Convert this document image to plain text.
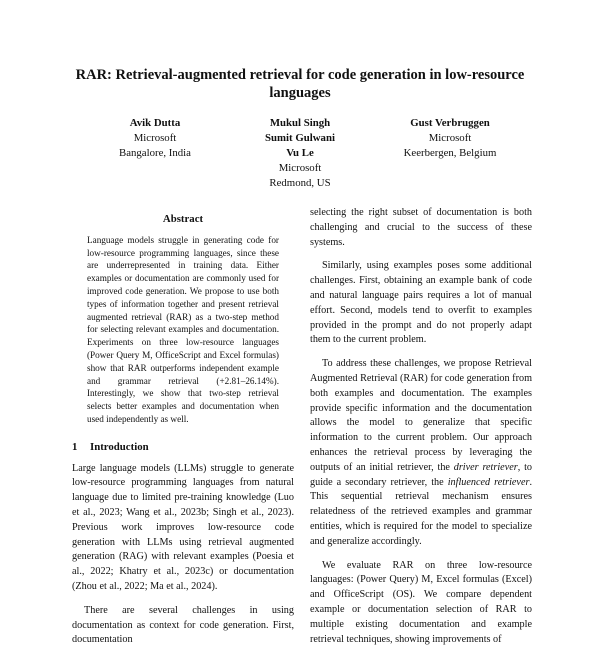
RAR: Retrieval-augmented retrieval for code generation in low-resource languages
Avik Dutta
Microsoft
Bangalore, India
Mukul Singh
Sumit Gulwani
Vu Le
Microsoft
Redmond, US
Gust Verbruggen
Microsoft
Keerbergen, Belgium
Abstract

Language models struggle in generating code for low-resource programming languages, since these are underrepresented in training data. Either examples or documentation are commonly used for improved code generation. We propose to use both types of information together and present retrieval augmented retrieval (RAR) as a two-step method for selecting relevant examples and documentation. Experiments on three low-resource languages (Power Query M, OfficeScript and Excel formulas) show that RAR outperforms independent example and grammar retrieval (+2.81–26.14%). Interestingly, we show that two-step retrieval selects better examples and documentation when used independently as well.

1 Introduction

Large language models (LLMs) struggle to generate low-resource programming languages from natural language due to limited pre-training knowledge (Luo et al., 2023; Wang et al., 2023b; Singh et al., 2023). Previous work improves low-resource code generation with LLMs using retrieval augmented generation (RAG) with relevant examples (Poesia et al., 2022; Khatry et al., 2023c) or documentation (Zhou et al., 2022; Ma et al., 2024).

There are several challenges in using documentation as context for code generation. First, documentation

selecting the right subset of documentation is both challenging and crucial to the success of these systems.

Similarly, using examples poses some additional challenges. First, obtaining an example bank of code and natural language pairs requires a lot of manual effort. Second, models tend to overfit to examples provided in the prompt and do not properly adapt them to the current problem.

To address these challenges, we propose Retrieval Augmented Retrieval (RAR) for code generation from both examples and documentation. The examples provide specific information and the documentation allows the model to generalize that specific information to the current problem. Our approach enhances the retrieval process by leveraging the outputs of an initial retriever, the driver retriever, to guide a secondary retriever, the influenced retriever. This sequential retrieval mechanism ensures relatedness of the retrieved examples and grammar entities, which is required for the model to specialize and generalize accordingly.

We evaluate RAR on three low-resource languages: (Power Query) M, Excel formulas (Excel) and OfficeScript (OS). We compare dependent example or documentation selection of RAR to multiple existing documentation and example retrieval techniques, showing improvements of
